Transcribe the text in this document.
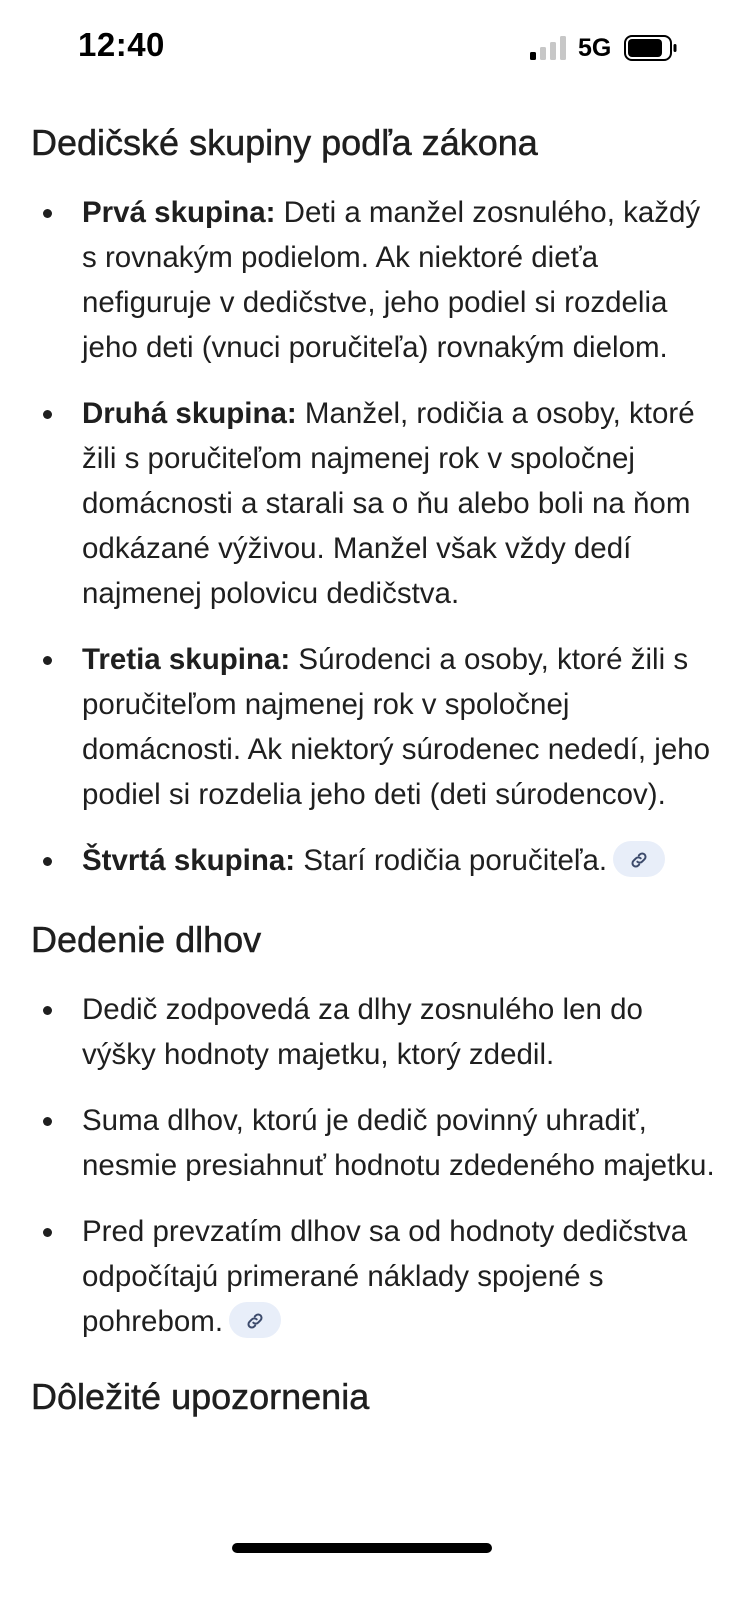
12:40	5G
Dedičské skupiny podľa zákona
Prvá skupina: Deti a manžel zosnulého, každý s rovnakým podielom. Ak niektoré dieťa nefiguruje v dedičstve, jeho podiel si rozdelia jeho deti (vnuci poručiteľa) rovnakým dielom.
Druhá skupina: Manžel, rodičia a osoby, ktoré žili s poručiteľom najmenej rok v spoločnej domácnosti a starali sa o ňu alebo boli na ňom odkázané výživou. Manžel však vždy dedí najmenej polovicu dedičstva.
Tretia skupina: Súrodenci a osoby, ktoré žili s poručiteľom najmenej rok v spoločnej domácnosti. Ak niektorý súrodenec nededí, jeho podiel si rozdelia jeho deti (deti súrodencov).
Štvrtá skupina: Starí rodičia poručiteľa.
Dedenie dlhov
Dedič zodpovedá za dlhy zosnulého len do výšky hodnoty majetku, ktorý zdedil.
Suma dlhov, ktorú je dedič povinný uhradiť, nesmie presiahnuť hodnotu zdedeného majetku.
Pred prevzatím dlhov sa od hodnoty dedičstva odpočítajú primerané náklady spojené s pohrebom.
Dôležité upozornenia
